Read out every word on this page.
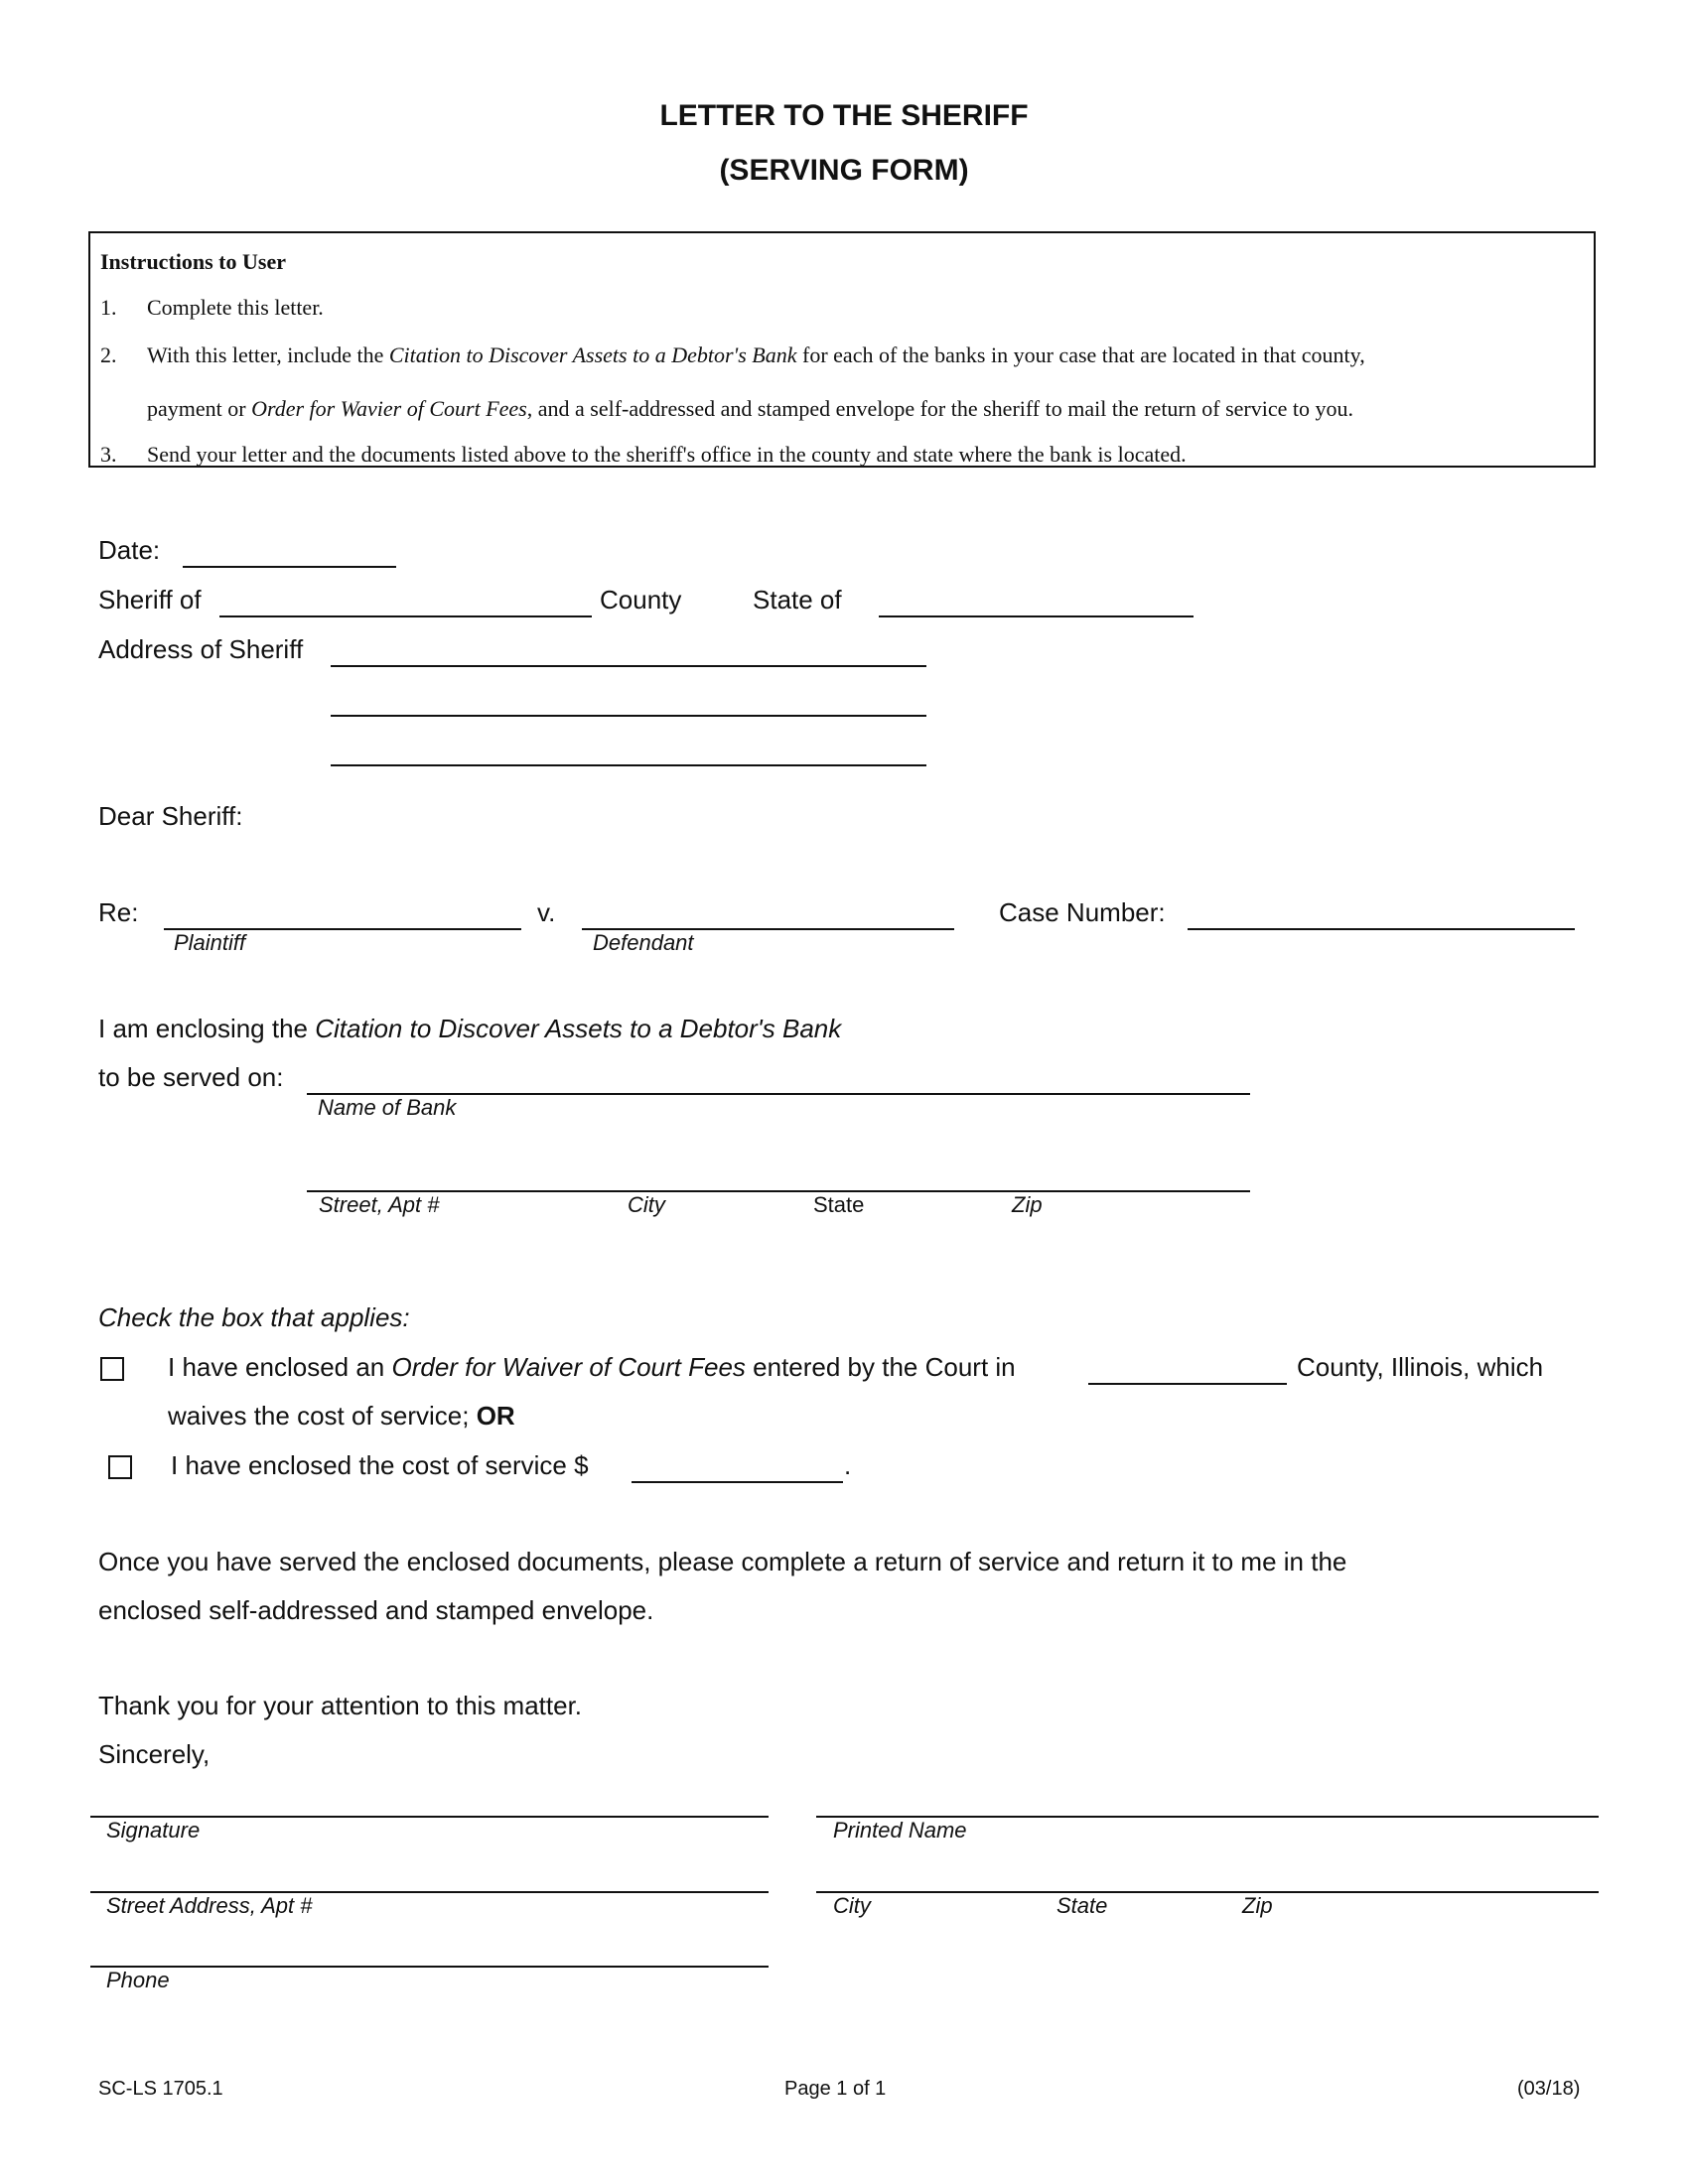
LETTER TO THE SHERIFF
(SERVING FORM)
Instructions to User
1. Complete this letter.
2. With this letter, include the Citation to Discover Assets to a Debtor's Bank for each of the banks in your case that are located in that county,
payment or Order for Wavier of Court Fees, and a self-addressed and stamped envelope for the sheriff to mail the return of service to you.
3. Send your letter and the documents listed above to the sheriff's office in the county and state where the bank is located.
Date:
Sheriff of	County	State of
Address of Sheriff
Dear Sheriff:
Re:
Plaintiff
v.
Defendant
Case Number:
I am enclosing the Citation to Discover Assets to a Debtor's Bank
to be served on:
Name of Bank
Street, Apt #	City	State	Zip
Check the box that applies:
I have enclosed an Order for Waiver of Court Fees entered by the Court in	County, Illinois, which
waives the cost of service; OR
I have enclosed the cost of service $	.
Once you have served the enclosed documents, please complete a return of service and return it to me in the
enclosed self-addressed and stamped envelope.
Thank you for your attention to this matter.
Sincerely,
Signature	Printed Name
Street Address, Apt #	City	State	Zip
Phone
SC-LS 1705.1	Page 1 of 1	(03/18)
